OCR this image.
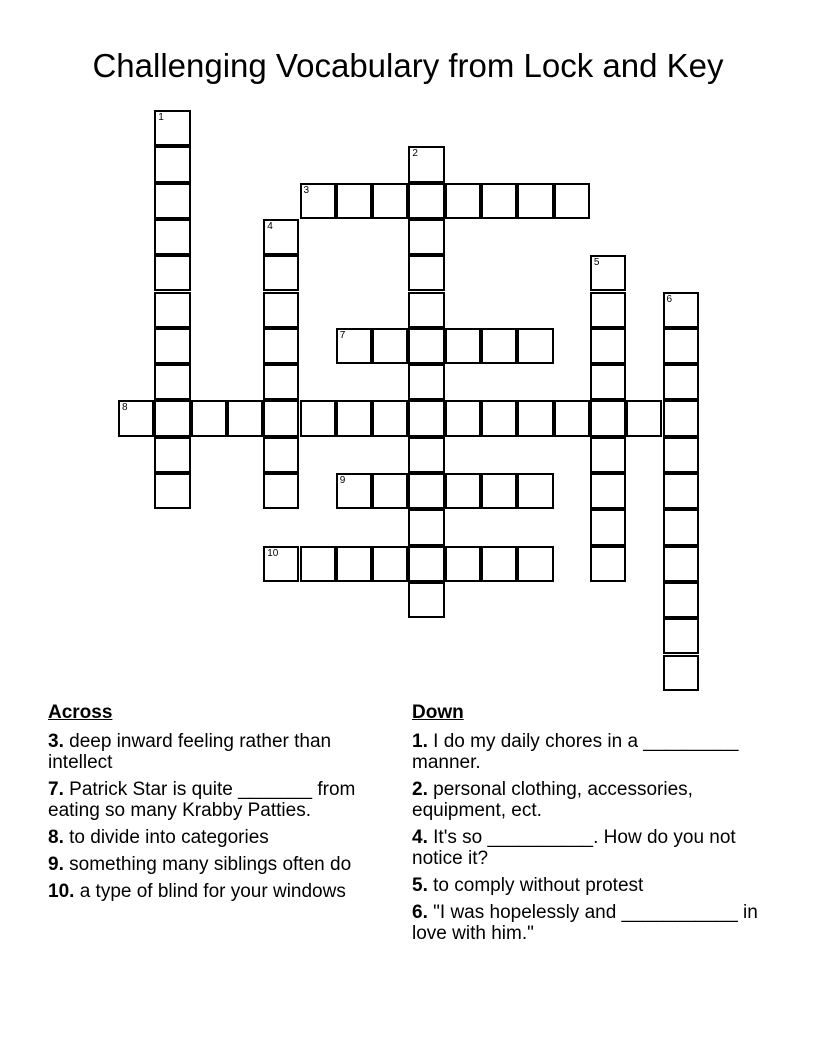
Challenging Vocabulary from Lock and Key
1
2
3
4
5
6
7
8
9
10
Across
3. deep inward feeling rather than intellect
7. Patrick Star is quite _______ from eating so many Krabby Patties.
8. to divide into categories
9. something many siblings often do
10. a type of blind for your windows
Down
1. I do my daily chores in a _________ manner.
2. personal clothing, accessories, equipment, ect.
4. It's so __________. How do you not notice it?
5. to comply without protest
6. "I was hopelessly and ___________ in love with him."
